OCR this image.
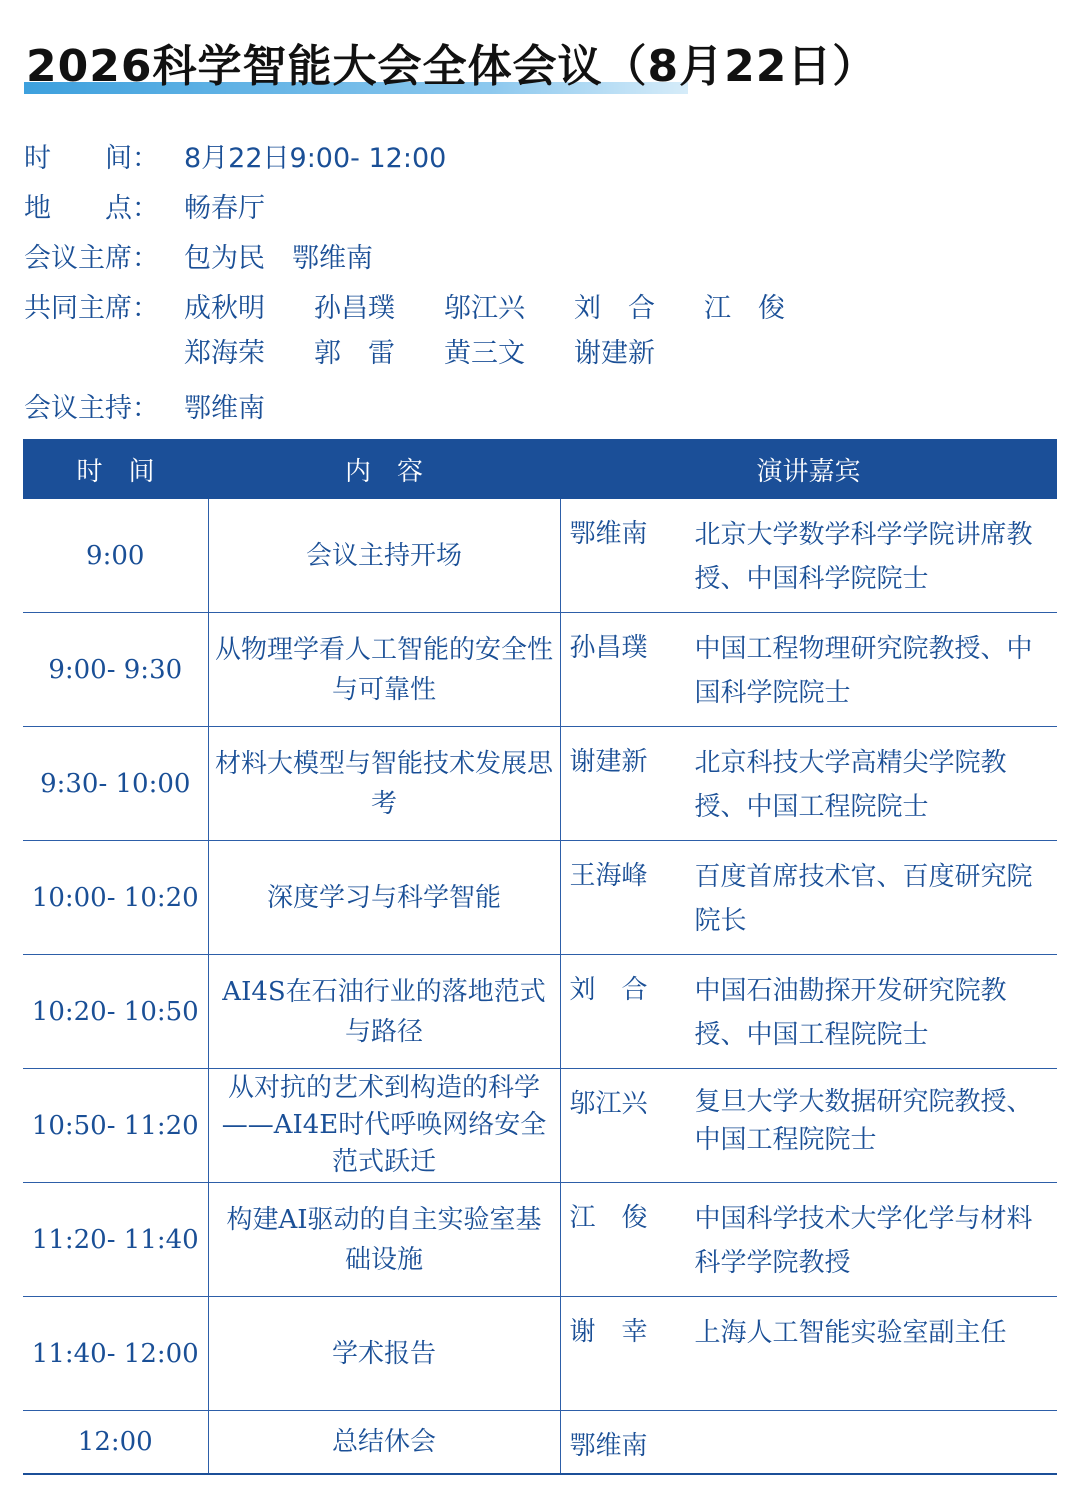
2026科学智能大会全体会议（8月22日）
时　　间： 8月22日9:00- 12:00
地　　点： 畅春厅
会议主席： 包为民　鄂维南
共同主席： 成秋明	孙昌璞	邬江兴	刘　合	江　俊
郑海荣	郭　雷	黄三文	谢建新
会议主持： 鄂维南
时　间	内　容	演讲嘉宾
9:00	会议主持开场	鄂维南 北京大学数学科学学院讲席教授、中国科学院院士

9:00- 9:30	从物理学看人工智能的安全性与可靠性	孙昌璞 中国工程物理研究院教授、中国科学院院士

9:30- 10:00	材料大模型与智能技术发展思考	谢建新 北京科技大学高精尖学院教授、中国工程院院士

10:00- 10:20	深度学习与科学智能	王海峰 百度首席技术官、百度研究院院长

10:20- 10:50	AI4S在石油行业的落地范式与路径	刘　合 中国石油勘探开发研究院教授、中国工程院院士

10:50- 11:20	从对抗的艺术到构造的科学——AI4E时代呼唤网络安全范式跃迁	邬江兴 复旦大学大数据研究院教授、 中国工程院院士

11:20- 11:40	构建AI驱动的自主实验室基础设施	江　俊 中国科学技术大学化学与材料科学学院教授

11:40- 12:00	学术报告	谢　幸 上海人工智能实验室副主任

12:00	总结休会	鄂维南
